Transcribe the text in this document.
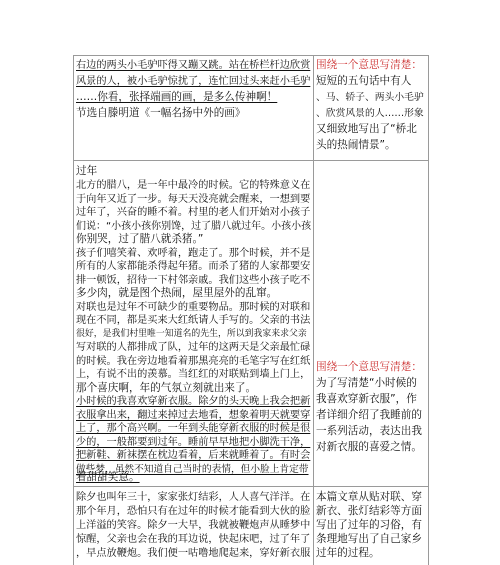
右边的两头小毛驴吓得又蹦又跳。站在桥栏杆边欣赏
风景的人，被小毛驴惊扰了，连忙回过头来赶小毛驴
……你看，张择端画的画，是多么传神啊！
节选自滕明道《一幅名扬中外的画》
围绕一个意思写清楚：
短短的五句话中有人
、马、轿子、两头小毛驴
、欣赏风景的人……形象
又细致地写出了“桥北
头的热闹情景”。
过年
北方的腊八，是一年中最冷的时候。它的特殊意义在
于向年又近了一步。每天天没亮就会醒来，一想到要
过年了，兴奋的睡不着。村里的老人们开始对小孩子
们说：“小孩小孩你别馋，过了腊八就过年。小孩小孩
你别哭，过了腊八就杀猪。”
孩子们嘻笑着、欢呼着，跑走了。那个时候，并不是
所有的人家都能杀得起年猪。而杀了猪的人家都要安
排一顿饭，招待一下村邻亲戚。我们这些小孩子吃不
多少肉，就是图个热闹，屋里屋外的乱窜。
对联也是过年不可缺少的重要物品。那时候的对联和
现在不同，都是买来大红纸请人手写的。父亲的书法
很好，是我们村里唯一知道名的先生，所以到我家来求父亲
写对联的人都排成了队，过年的这两天是父亲最忙碌
的时候。我在旁边地看着那黑亮亮的毛笔字写在红纸
上，有说不出的羡慕。当红红的对联贴到墙上门上，
那个喜庆啊，年的气氛立刻就出来了。
小时候的我喜欢穿新衣服。除夕的头天晚上我会把新
衣服拿出来，翻过来掉过去地看，想象着明天就要穿
上了，那个高兴啊。一年到头能穿新衣服的时候是很
少的，一般都要到过年。睡前早早地把小脚洗干净，
把新鞋、新袜摆在枕边看着，后来就睡着了。有时会
做些梦，虽然不知道自己当时的表情，但小脸上肯定带
着甜甜笑意。
围绕一个意思写清楚：
为了写清楚“小时候的
我喜欢穿新衣服”，作
者详细介绍了我睡前的
一系列活动，表达出我
对新衣服的喜爱之情。
除夕也叫年三十，家家张灯结彩，人人喜气洋洋。在
那个年月，恐怕只有在过年的时候才能看到大伙的脸
上洋溢的笑容。除夕一大早，我就被鞭炮声从睡梦中
惊醒，父亲也会在我的耳边说，快起床吧，过了年了
，早点放鞭炮。我们便一咕噜地爬起来，穿好新衣服
本篇文章从贴对联、穿
新衣、张灯结彩等方面
写出了过年的习俗，有
条理地写出了自己家乡
过年的过程。
